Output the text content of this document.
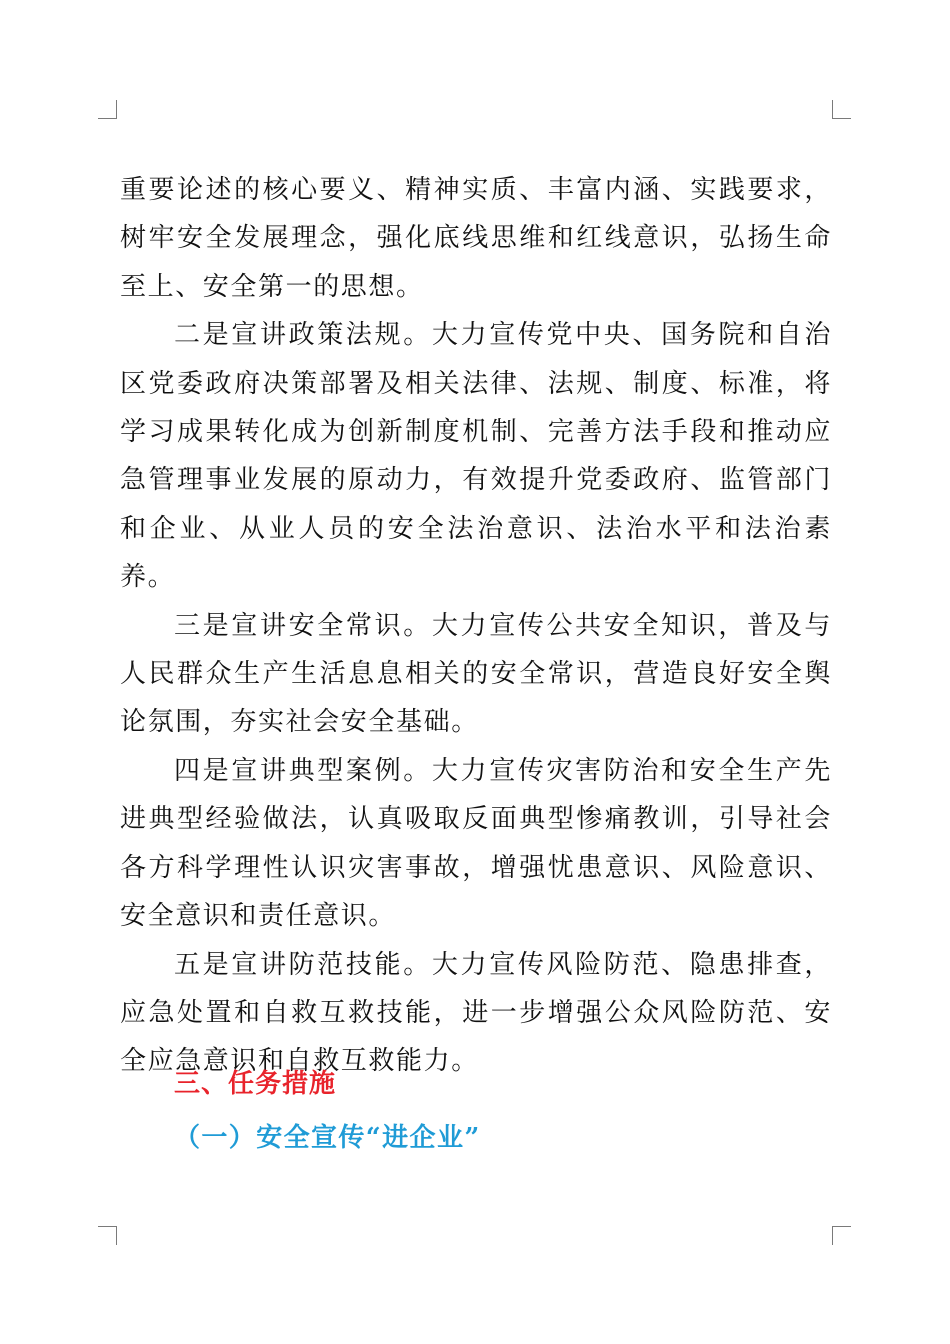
重要论述的核心要义、精神实质、丰富内涵、实践要求，树牢安全发展理念，强化底线思维和红线意识，弘扬生命至上、安全第一的思想。

二是宣讲政策法规。大力宣传党中央、国务院和自治区党委政府决策部署及相关法律、法规、制度、标准，将学习成果转化成为创新制度机制、完善方法手段和推动应急管理事业发展的原动力，有效提升党委政府、监管部门和企业、从业人员的安全法治意识、法治水平和法治素养。

三是宣讲安全常识。大力宣传公共安全知识，普及与人民群众生产生活息息相关的安全常识，营造良好安全舆论氛围，夯实社会安全基础。

四是宣讲典型案例。大力宣传灾害防治和安全生产先进典型经验做法，认真吸取反面典型惨痛教训，引导社会各方科学理性认识灾害事故，增强忧患意识、风险意识、安全意识和责任意识。

五是宣讲防范技能。大力宣传风险防范、隐患排查，应急处置和自救互救技能，进一步增强公众风险防范、安全应急意识和自救互救能力。

三、任务措施
（一）安全宣传“进企业”
